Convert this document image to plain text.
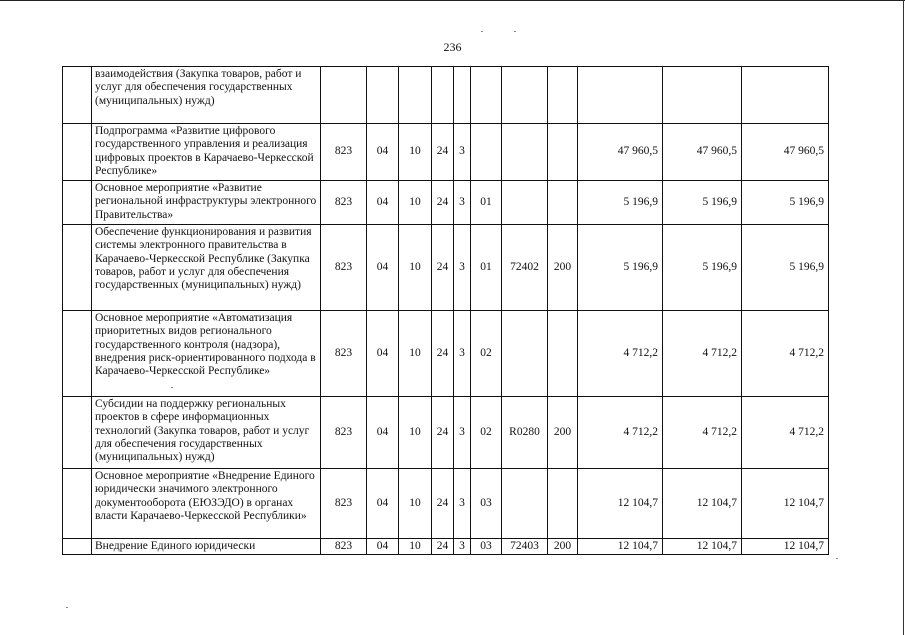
236
	взаимодействия (Закупка товаров, работ и услуг для обеспечения государственных (муниципальных) нужд)											
	Подпрограмма «Развитие цифрового государственного управления и реализация цифровых проектов в Карачаево-Черкесской Республике»	823	04	10	24	3				47 960,5	47 960,5	47 960,5
	Основное мероприятие «Развитие региональной инфраструктуры электронного Правительства»	823	04	10	24	3	01			5 196,9	5 196,9	5 196,9
	Обеспечение функционирования и развития системы электронного правительства в Карачаево-Черкесской Республике (Закупка товаров, работ и услуг для обеспечения государственных (муниципальных) нужд)	823	04	10	24	3	01	72402	200	5 196,9	5 196,9	5 196,9
	Основное мероприятие «Автоматизация приоритетных видов регионального государственного контроля (надзора), внедрения риск-ориентированного подхода в Карачаево-Черкесской Республике»	823	04	10	24	3	02			4 712,2	4 712,2	4 712,2
	Субсидии на поддержку региональных проектов в сфере информационных технологий (Закупка товаров, работ и услуг для обеспечения государственных (муниципальных) нужд)	823	04	10	24	3	02	R0280	200	4 712,2	4 712,2	4 712,2
	Основное мероприятие «Внедрение Единого юридически значимого электронного документооборота (ЕЮЗЭДО) в органах власти Карачаево-Черкесской Республики»	823	04	10	24	3	03			12 104,7	12 104,7	12 104,7
	Внедрение Единого юридически	823	04	10	24	3	03	72403	200	12 104,7	12 104,7	12 104,7
